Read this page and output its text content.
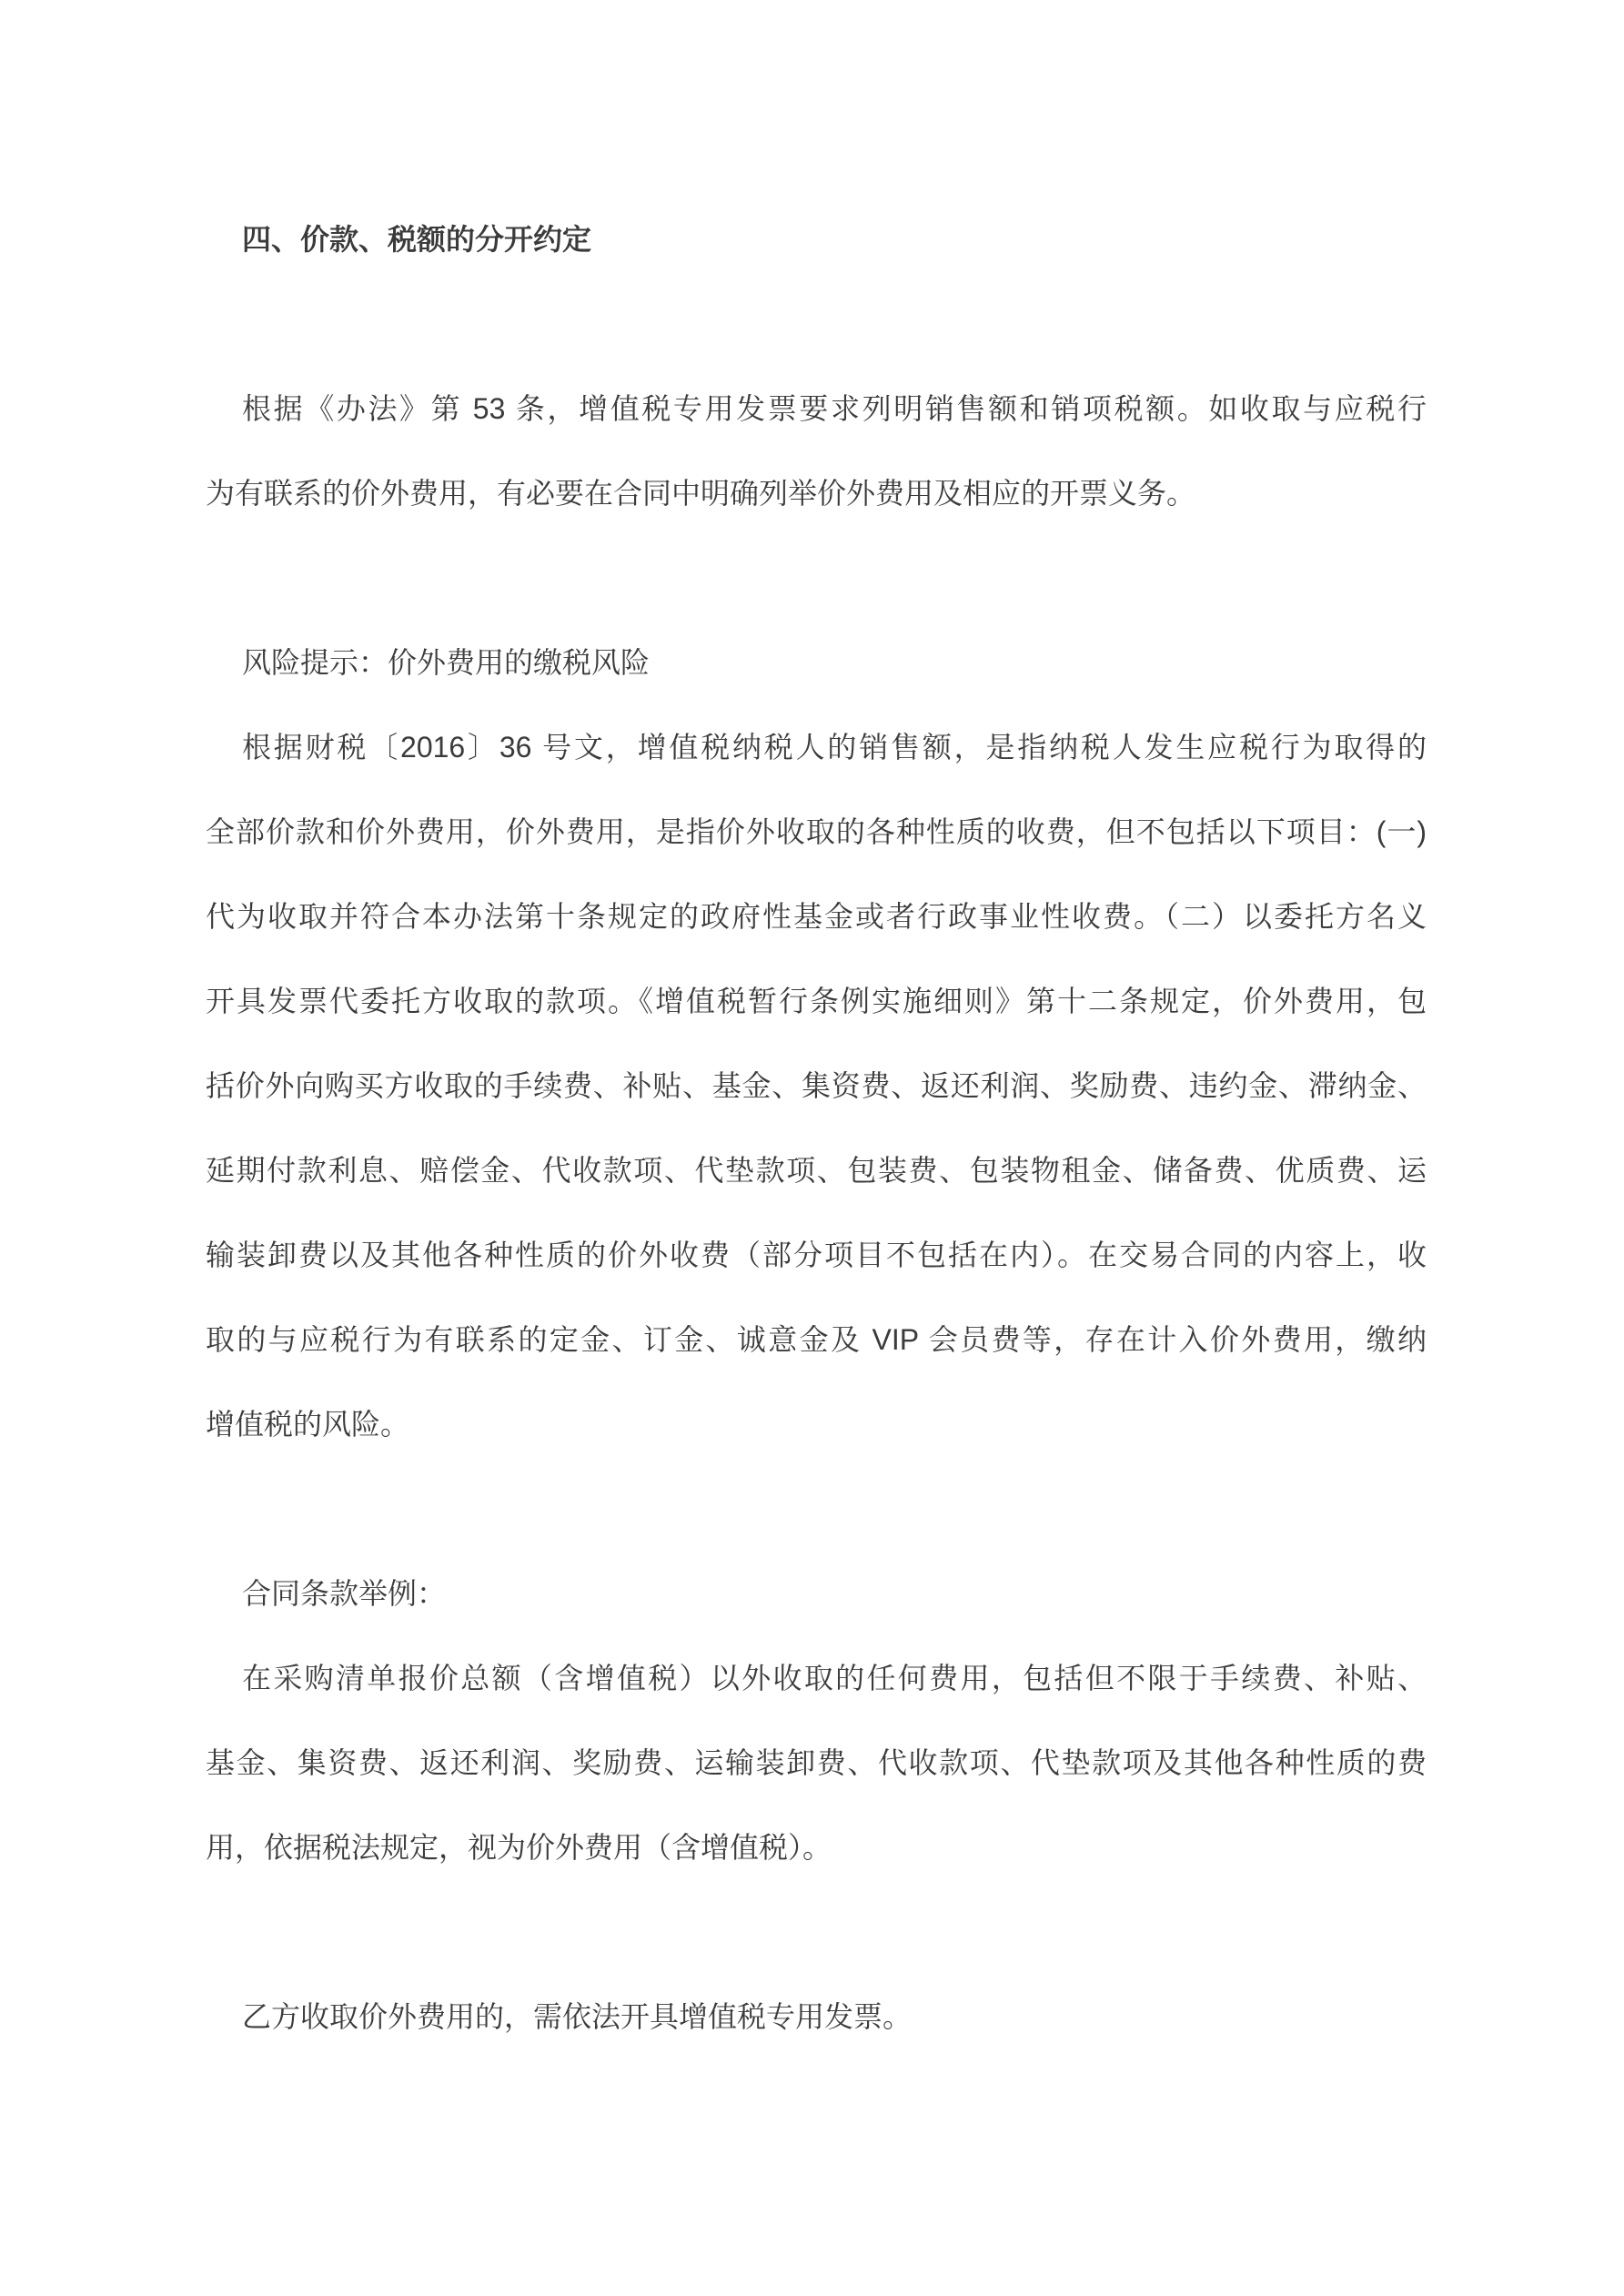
四、价款、税额的分开约定

根据《办法》第 53 条，增值税专用发票要求列明销售额和销项税额。如收取与应税行

为有联系的价外费用，有必要在合同中明确列举价外费用及相应的开票义务。

风险提示：价外费用的缴税风险

根据财税〔2016〕36 号文，增值税纳税人的销售额，是指纳税人发生应税行为取得的

全部价款和价外费用，价外费用，是指价外收取的各种性质的收费，但不包括以下项目：(一)

代为收取并符合本办法第十条规定的政府性基金或者行政事业性收费。（二）以委托方名义

开具发票代委托方收取的款项。《增值税暂行条例实施细则》第十二条规定，价外费用，包

括价外向购买方收取的手续费、补贴、基金、集资费、返还利润、奖励费、违约金、滞纳金、

延期付款利息、赔偿金、代收款项、代垫款项、包装费、包装物租金、储备费、优质费、运

输装卸费以及其他各种性质的价外收费（部分项目不包括在内）。在交易合同的内容上，收

取的与应税行为有联系的定金、订金、诚意金及 VIP 会员费等，存在计入价外费用，缴纳

增值税的风险。

合同条款举例：

在采购清单报价总额（含增值税）以外收取的任何费用，包括但不限于手续费、补贴、

基金、集资费、返还利润、奖励费、运输装卸费、代收款项、代垫款项及其他各种性质的费

用，依据税法规定，视为价外费用（含增值税）。

乙方收取价外费用的，需依法开具增值税专用发票。
